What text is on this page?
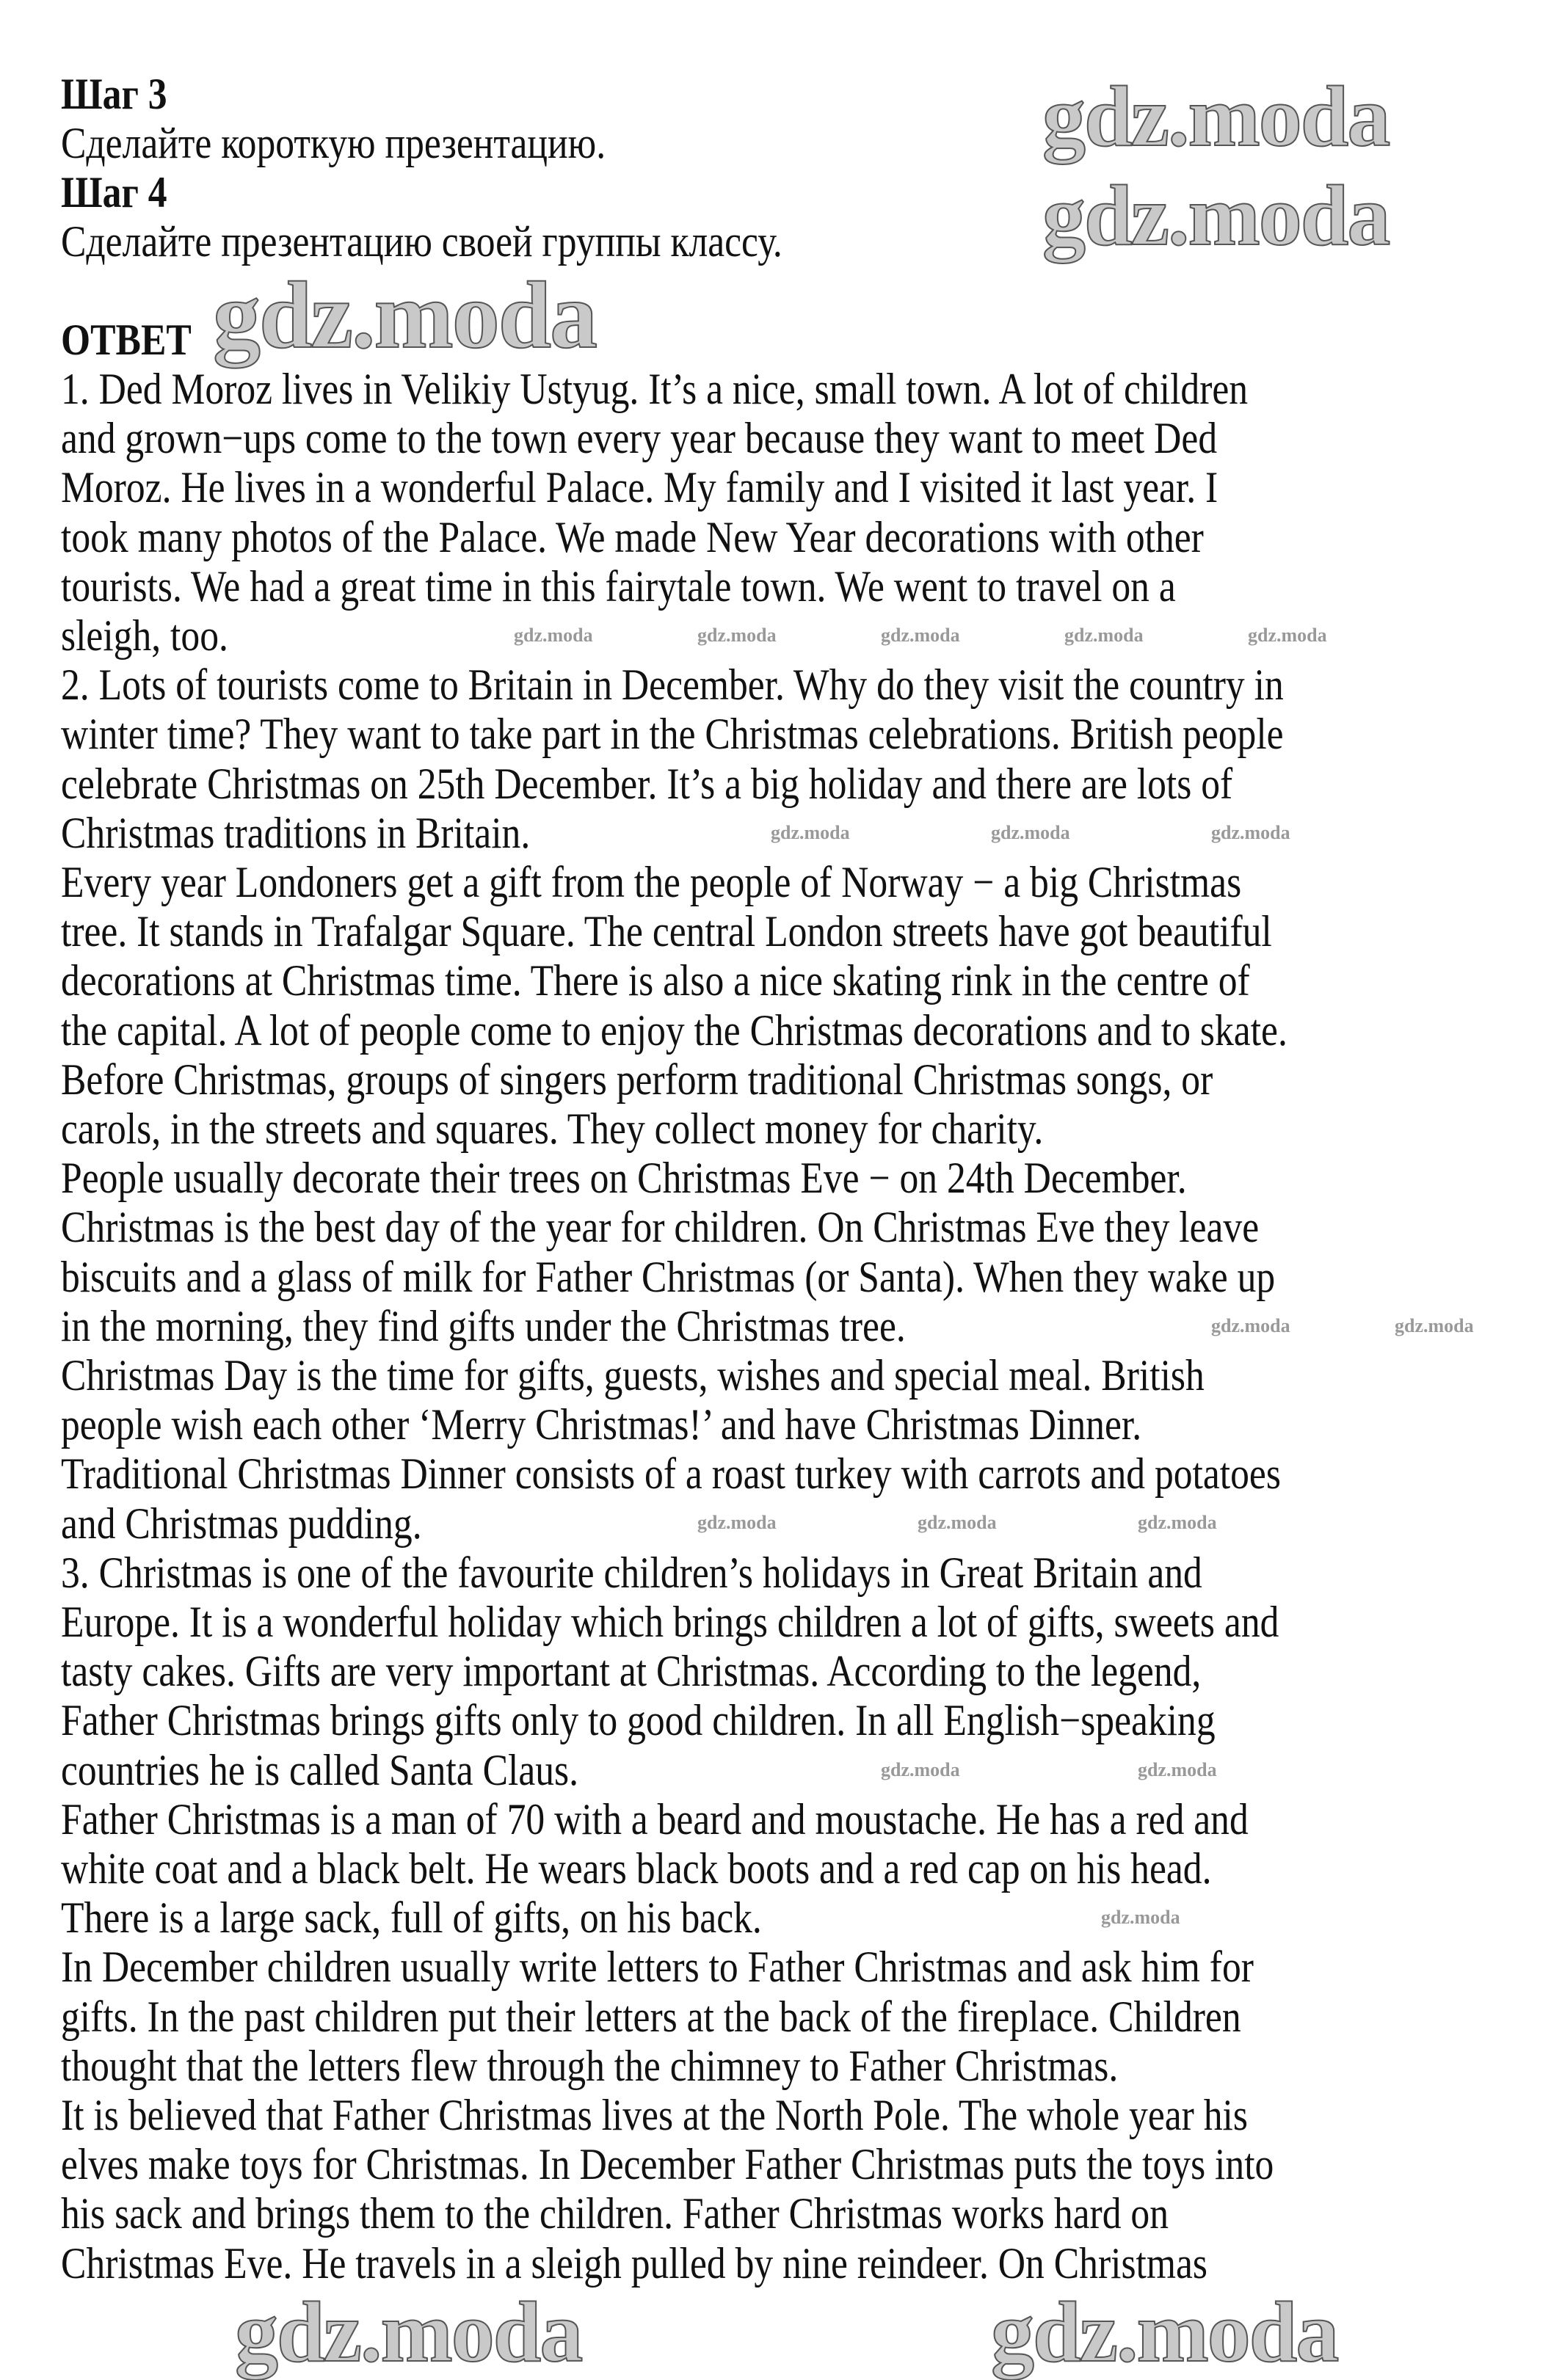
gdz.moda
gdz.moda
gdz.moda
gdz.moda	gdz.moda
gdz.moda	gdz.moda	gdz.moda	gdz.moda	gdz.moda
gdz.moda	gdz.moda	gdz.moda
gdz.moda	gdz.moda
gdz.moda	gdz.moda	gdz.moda
gdz.moda	gdz.moda
gdz.moda
Шаг 3
Сделайте короткую презентацию.
Шаг 4
Сделайте презентацию своей группы классу.
ОТВЕТ
1. Ded Moroz lives in Velikiy Ustyug. It’s a nice, small town. A lot of children
and grown−ups come to the town every year because they want to meet Ded
Moroz. He lives in a wonderful Palace. My family and I visited it last year. I
took many photos of the Palace. We made New Year decorations with other
tourists. We had a great time in this fairytale town. We went to travel on a
sleigh, too.
2. Lots of tourists come to Britain in December. Why do they visit the country in
winter time? They want to take part in the Christmas celebrations. British people
celebrate Christmas on 25th December. It’s a big holiday and there are lots of
Christmas traditions in Britain.
Every year Londoners get a gift from the people of Norway − a big Christmas
tree. It stands in Trafalgar Square. The central London streets have got beautiful
decorations at Christmas time. There is also a nice skating rink in the centre of
the capital. A lot of people come to enjoy the Christmas decorations and to skate.
Before Christmas, groups of singers perform traditional Christmas songs, or
carols, in the streets and squares. They collect money for charity.
People usually decorate their trees on Christmas Eve − on 24th December.
Christmas is the best day of the year for children. On Christmas Eve they leave
biscuits and a glass of milk for Father Christmas (or Santa). When they wake up
in the morning, they find gifts under the Christmas tree.
Christmas Day is the time for gifts, guests, wishes and special meal. British
people wish each other ‘Merry Christmas!’ and have Christmas Dinner.
Traditional Christmas Dinner consists of a roast turkey with carrots and potatoes
and Christmas pudding.
3. Christmas is one of the favourite children’s holidays in Great Britain and
Europe. It is a wonderful holiday which brings children a lot of gifts, sweets and
tasty cakes. Gifts are very important at Christmas. According to the legend,
Father Christmas brings gifts only to good children. In all English−speaking
countries he is called Santa Claus.
Father Christmas is a man of 70 with a beard and moustache. He has a red and
white coat and a black belt. He wears black boots and a red cap on his head.
There is a large sack, full of gifts, on his back.
In December children usually write letters to Father Christmas and ask him for
gifts. In the past children put their letters at the back of the fireplace. Children
thought that the letters flew through the chimney to Father Christmas.
It is believed that Father Christmas lives at the North Pole. The whole year his
elves make toys for Christmas. In December Father Christmas puts the toys into
his sack and brings them to the children. Father Christmas works hard on
Christmas Eve. He travels in a sleigh pulled by nine reindeer. On Christmas
